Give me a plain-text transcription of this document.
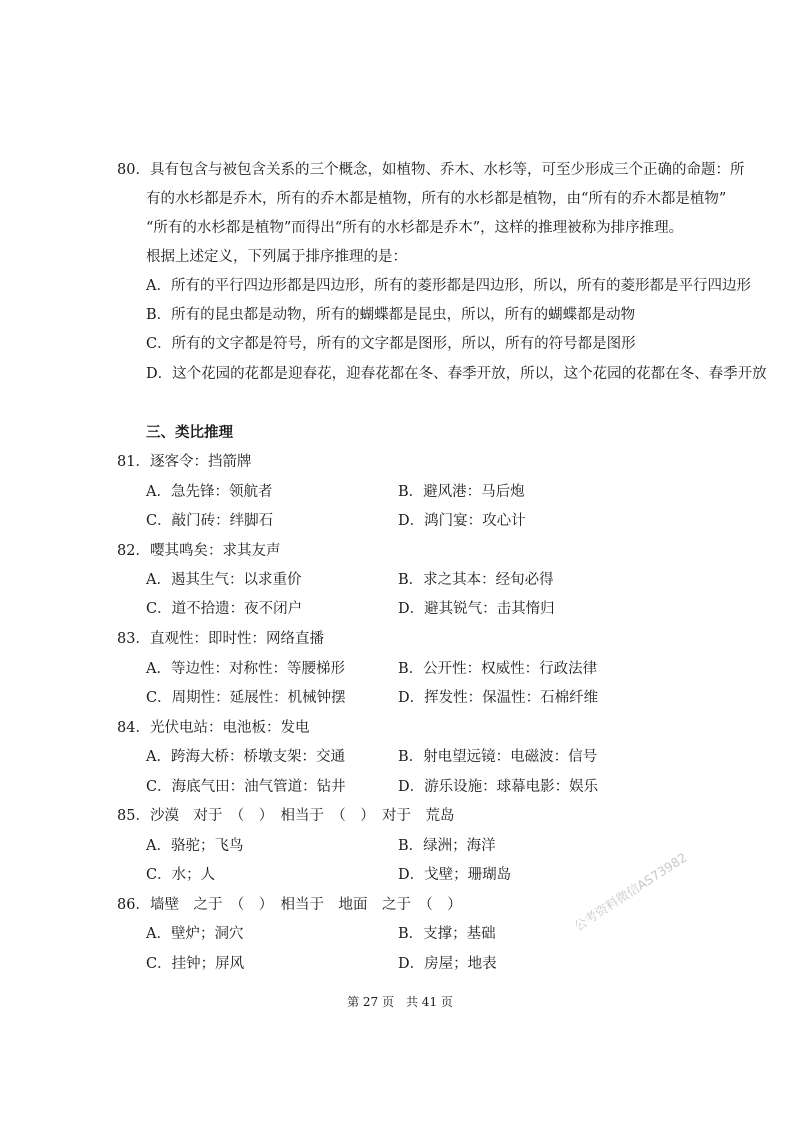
80．具有包含与被包含关系的三个概念，如植物、乔木、水杉等，可至少形成三个正确的命题：所
有的水杉都是乔木，所有的乔木都是植物，所有的水杉都是植物，由“所有的乔木都是植物”
“所有的水杉都是植物”而得出“所有的水杉都是乔木”，这样的推理被称为排序推理。
根据上述定义，下列属于排序推理的是：
A．所有的平行四边形都是四边形，所有的菱形都是四边形，所以，所有的菱形都是平行四边形
B．所有的昆虫都是动物，所有的蝴蝶都是昆虫，所以，所有的蝴蝶都是动物
C．所有的文字都是符号，所有的文字都是图形，所以，所有的符号都是图形
D．这个花园的花都是迎春花，迎春花都在冬、春季开放，所以，这个花园的花都在冬、春季开放
三、类比推理
81．逐客令：挡箭牌
A．急先锋：领航者	B．避风港：马后炮
C．敲门砖：绊脚石	D．鸿门宴：攻心计
82．嘤其鸣矣：求其友声
A．遏其生气：以求重价	B．求之其本：经旬必得
C．道不拾遗：夜不闭户	D．避其锐气：击其惰归
83．直观性：即时性：网络直播
A．等边性：对称性：等腰梯形	B．公开性：权威性：行政法律
C．周期性：延展性：机械钟摆	D．挥发性：保温性：石棉纤维
84．光伏电站：电池板：发电
A．跨海大桥：桥墩支架：交通	B．射电望远镜：电磁波：信号
C．海底气田：油气管道：钻井	D．游乐设施：球幕电影：娱乐
85．沙漠　对于　（　）　相当于　（　）　对于　荒岛
A．骆驼；飞鸟	B．绿洲；海洋
C．水；人	D．戈壁；珊瑚岛
86．墙壁　之于　（　）　相当于　地面　之于　（　）
A．壁炉；洞穴	B．支撑；基础
C．挂钟；屏风	D．房屋；地表
公考资料微信AS73982
第 27 页　共 41 页
